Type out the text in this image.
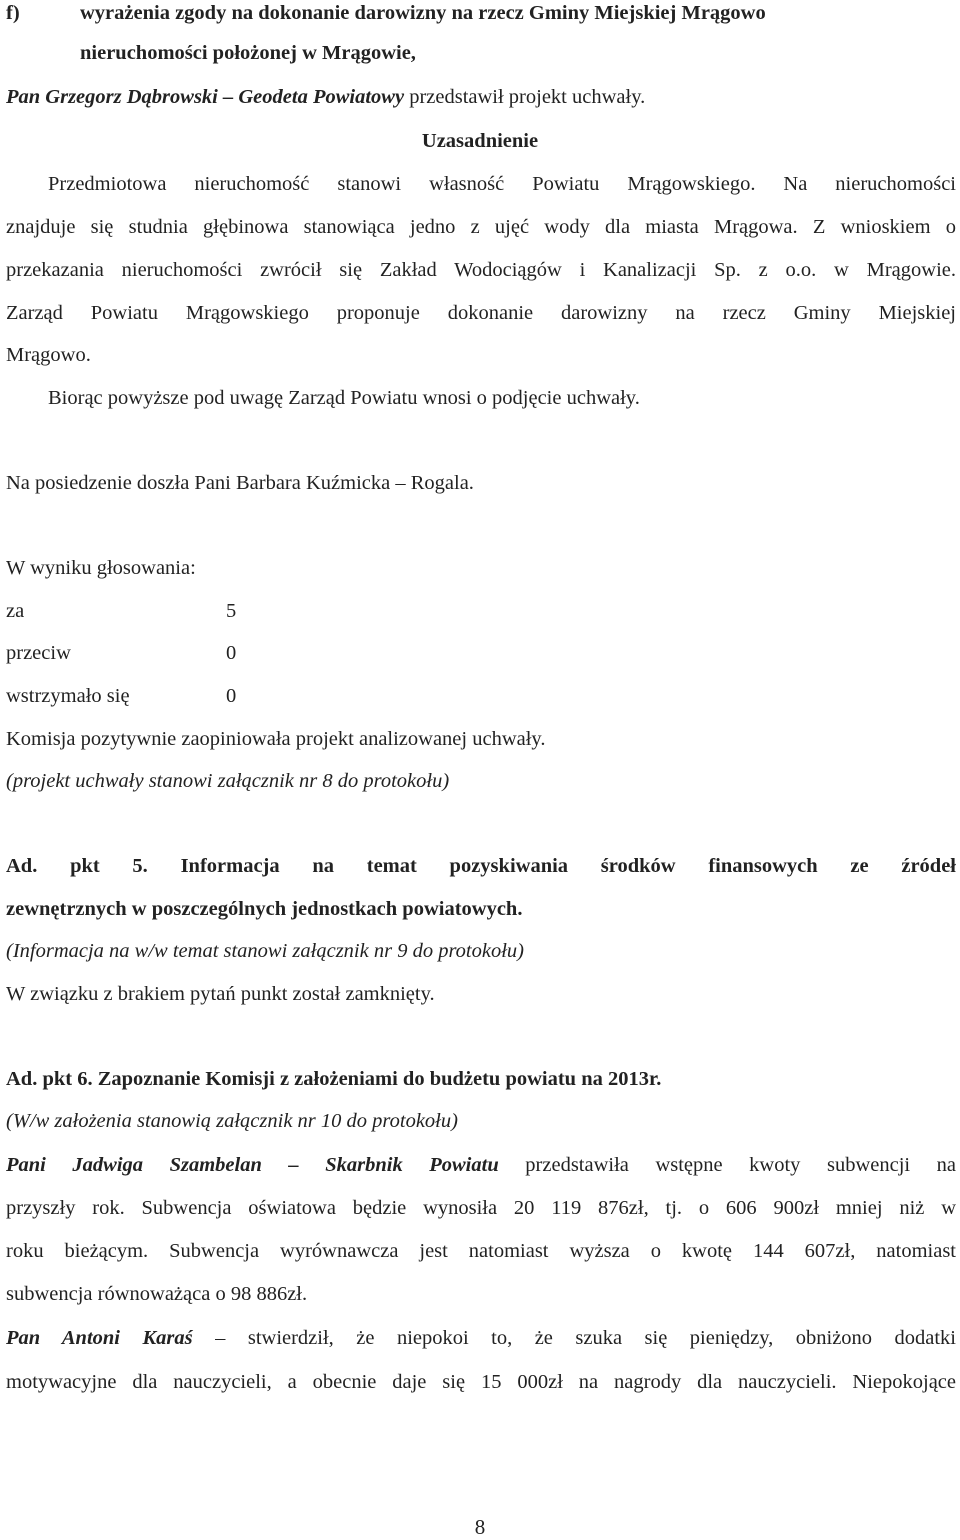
f)	wyrażenia zgody na dokonanie darowizny na rzecz Gminy Miejskiej Mrągowo
nieruchomości położonej w Mrągowie,
Pan Grzegorz Dąbrowski – Geodeta Powiatowy przedstawił projekt uchwały.
Uzasadnienie
Przedmiotowa nieruchomość stanowi własność Powiatu Mrągowskiego. Na nieruchomości
znajduje się studnia głębinowa stanowiąca jedno z ujęć wody dla miasta Mrągowa. Z wnioskiem o
przekazania nieruchomości zwrócił się Zakład Wodociągów i Kanalizacji Sp. z o.o. w Mrągowie.
Zarząd Powiatu Mrągowskiego proponuje dokonanie darowizny na rzecz Gminy Miejskiej
Mrągowo.
Biorąc powyższe pod uwagę Zarząd Powiatu wnosi o podjęcie uchwały.
Na posiedzenie doszła Pani Barbara Kuźmicka – Rogala.
W wyniku głosowania:
za	5
przeciw	0
wstrzymało się	0
Komisja pozytywnie zaopiniowała projekt analizowanej uchwały.
(projekt uchwały stanowi załącznik nr 8 do protokołu)
Ad. pkt 5. Informacja na temat pozyskiwania środków finansowych ze źródeł
zewnętrznych w poszczególnych jednostkach powiatowych.
(Informacja na w/w temat stanowi załącznik nr 9 do protokołu)
W związku z brakiem pytań punkt został zamknięty.
Ad. pkt 6. Zapoznanie Komisji z założeniami do budżetu powiatu na 2013r.
(W/w założenia stanowią załącznik nr 10 do protokołu)
Pani Jadwiga Szambelan – Skarbnik Powiatu przedstawiła wstępne kwoty subwencji na
przyszły rok. Subwencja oświatowa będzie wynosiła 20 119 876zł, tj. o 606 900zł mniej niż w
roku bieżącym. Subwencja wyrównawcza jest natomiast wyższa o kwotę 144 607zł, natomiast
subwencja równoważąca o 98 886zł.
Pan Antoni Karaś – stwierdził, że niepokoi to, że szuka się pieniędzy, obniżono dodatki
motywacyjne dla nauczycieli, a obecnie daje się 15 000zł na nagrody dla nauczycieli. Niepokojące
8
